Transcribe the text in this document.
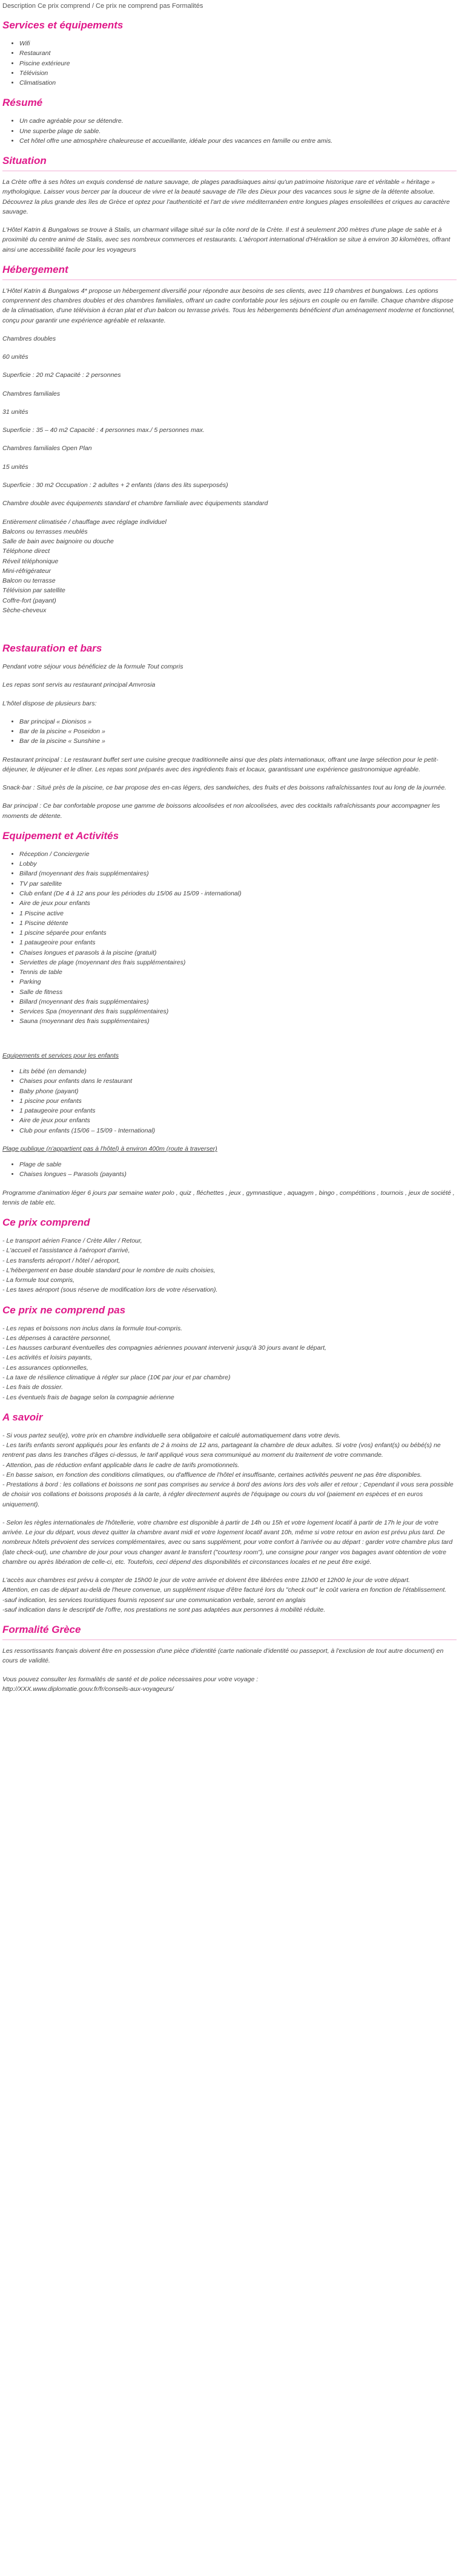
Description Ce prix comprend / Ce prix ne comprend pas Formalités
Services et équipements
• Wifi
• Restaurant
• Piscine extérieure
• Télévision
• Climatisation
Résumé
• Un cadre agréable pour se détendre.
• Une superbe plage de sable.
• Cet hôtel offre une atmosphère chaleureuse et accueillante, idéale pour des vacances en famille ou entre amis.
Situation

La Crète offre à ses hôtes un exquis condensé de nature sauvage, de plages paradisiaques ainsi qu'un patrimoine historique rare et véritable « héritage » mythologique. Laisser vous bercer par la douceur de vivre et la beauté sauvage de l'île des Dieux pour des vacances sous le signe de la détente absolue. Découvrez la plus grande des îles de Grèce et optez pour l'authenticité et l'art de vivre méditerranéen entre longues plages ensoleillées et criques au caractère sauvage.

L'Hôtel Katrin & Bungalows se trouve à Stalis, un charmant village situé sur la côte nord de la Crète. Il est à seulement 200 mètres d'une plage de sable et à proximité du centre animé de Stalis, avec ses nombreux commerces et restaurants. L'aéroport international d'Héraklion se situe à environ 30 kilomètres, offrant ainsi une accessibilité facile pour les voyageurs

Hébergement

L'Hôtel Katrin & Bungalows 4* propose un hébergement diversifié pour répondre aux besoins de ses clients, avec 119 chambres et bungalows. Les options comprennent des chambres doubles et des chambres familiales, offrant un cadre confortable pour les séjours en couple ou en famille. Chaque chambre dispose de la climatisation, d'une télévision à écran plat et d'un balcon ou terrasse privés. Tous les hébergements bénéficient d'un aménagement moderne et fonctionnel, conçu pour garantir une expérience agréable et relaxante.

Chambres doubles

60 unités

Superficie : 20 m2 Capacité : 2 personnes

Chambres familiales

31 unités

Superficie : 35 – 40 m2 Capacité : 4 personnes max./ 5 personnes max.

Chambres familiales Open Plan

15 unités

Superficie : 30 m2 Occupation : 2 adultes + 2 enfants (dans des lits superposés)

Chambre double avec équipements standard et chambre familiale avec équipements standard

Entièrement climatisée / chauffage avec réglage individuel
Balcons ou terrasses meublés
Salle de bain avec baignoire ou douche
Téléphone direct
Réveil téléphonique
Mini-réfrigérateur
Balcon ou terrasse
Télévision par satellite
Coffre-fort (payant)
Sèche-cheveux
Restauration et bars

Pendant votre séjour vous bénéficiez de la formule Tout compris

Les repas sont servis au restaurant principal Amvrosia

L'hôtel dispose de plusieurs bars:

• Bar principal « Dionisos »
• Bar de la piscine « Poseidon »
• Bar de la piscine « Sunshine »

Restaurant principal : Le restaurant buffet sert une cuisine grecque traditionnelle ainsi que des plats internationaux, offrant une large sélection pour le petit-déjeuner, le déjeuner et le dîner. Les repas sont préparés avec des ingrédients frais et locaux, garantissant une expérience gastronomique agréable.

Snack-bar : Situé près de la piscine, ce bar propose des en-cas légers, des sandwiches, des fruits et des boissons rafraîchissantes tout au long de la journée.

Bar principal : Ce bar confortable propose une gamme de boissons alcoolisées et non alcoolisées, avec des cocktails rafraîchissants pour accompagner les moments de détente.

Equipement et Activités
• Réception / Conciergerie
• Lobby
• Billard (moyennant des frais supplémentaires)
• TV par satellite
• Club enfant (De 4 à 12 ans pour les périodes du 15/06 au 15/09 - international)
• Aire de jeux pour enfants
• 1 Piscine active
• 1 Piscine détente
• 1 piscine séparée pour enfants
• 1 pataugeoire pour enfants
• Chaises longues et parasols à la piscine (gratuit)
• Serviettes de plage (moyennant des frais supplémentaires)
• Tennis de table
• Parking
• Salle de fitness
• Billard (moyennant des frais supplémentaires)
• Services Spa (moyennant des frais supplémentaires)
• Sauna (moyennant des frais supplémentaires)
Equipements et services pour les enfants
• Lits bébé (en demande)
• Chaises pour enfants dans le restaurant
• Baby phone (payant)
• 1 piscine pour enfants
• 1 pataugeoire pour enfants
• Aire de jeux pour enfants
• Club pour enfants (15/06 – 15/09 - International)
Plage publique (n'appartient pas à l'hôtel) à environ 400m (route à traverser)
• Plage de sable
• Chaises longues – Parasols (payants)

Programme d'animation léger 6 jours par semaine water polo , quiz , fléchettes , jeux , gymnastique , aquagym , bingo , compétitions , tournois , jeux de société , tennis de table etc.

Ce prix comprend
- Le transport aérien France / Crète Aller / Retour,
- L'accueil et l'assistance à l'aéroport d'arrivé,
- Les transferts aéroport / hôtel / aéroport,
- L'hébergement en base double standard pour le nombre de nuits choisies,
- La formule tout compris,
- Les taxes aéroport (sous réserve de modification lors de votre réservation).
Ce prix ne comprend pas
- Les repas et boissons non inclus dans la formule tout-compris.
- Les dépenses à caractère personnel,
- Les hausses carburant éventuelles des compagnies aériennes pouvant intervenir jusqu'à 30 jours avant le départ,
- Les activités et loisirs payants,
- Les assurances optionnelles,
- La taxe de résilience climatique à régler sur place (10€ par jour et par chambre)
- Les frais de dossier.
- Les éventuels frais de bagage selon la compagnie aérienne
A savoir
- Si vous partez seul(e), votre prix en chambre individuelle sera obligatoire et calculé automatiquement dans votre devis.
- Les tarifs enfants seront appliqués pour les enfants de 2 à moins de 12 ans, partageant la chambre de deux adultes. Si votre (vos) enfant(s) ou bébé(s) ne rentrent pas dans les tranches d'âges ci-dessus, le tarif appliqué vous sera communiqué au moment du traitement de votre commande.
- Attention, pas de réduction enfant applicable dans le cadre de tarifs promotionnels.
- En basse saison, en fonction des conditions climatiques, ou d'affluence de l'hôtel et insuffisante, certaines activités peuvent ne pas être disponibles.
- Prestations à bord : les collations et boissons ne sont pas comprises au service à bord des avions lors des vols aller et retour ; Cependant il vous sera possible de choisir vos collations et boissons proposés à la carte, à régler directement auprès de l'équipage ou cours du vol (paiement en espèces et en euros uniquement).
- Selon les règles internationales de l'hôtellerie, votre chambre est disponible à partir de 14h ou 15h et votre logement locatif à partir de 17h le jour de votre arrivée. Le jour du départ, vous devez quitter la chambre avant midi et votre logement locatif avant 10h, même si votre retour en avion est prévu plus tard. De nombreux hôtels prévoient des services complémentaires, avec ou sans supplément, pour votre confort à l'arrivée ou au départ : garder votre chambre plus tard (late check-out), une chambre de jour pour vous changer avant le transfert ("courtesy room"), une consigne pour ranger vos bagages avant obtention de votre chambre ou après libération de celle-ci, etc. Toutefois, ceci dépend des disponibilités et circonstances locales et ne peut être exigé.
L'accès aux chambres est prévu à compter de 15h00 le jour de votre arrivée et doivent être libérées entre 11h00 et 12h00 le jour de votre départ.
Attention, en cas de départ au-delà de l'heure convenue, un supplément risque d'être facturé lors du "check out" le coût variera en fonction de l'établissement.
-sauf indication, les services touristiques fournis reposent sur une communication verbale, seront en anglais
-sauf indication dans le descriptif de l'offre, nos prestations ne sont pas adaptées aux personnes à mobilité réduite.
Formalité Grèce

Les ressortissants français doivent être en possession d'une pièce d'identité (carte nationale d'identité ou passeport, à l'exclusion de tout autre document) en cours de validité.

Vous pouvez consulter les formalités de santé et de police nécessaires pour votre voyage :
http://XXX.www.diplomatie.gouv.fr/fr/conseils-aux-voyageurs/
